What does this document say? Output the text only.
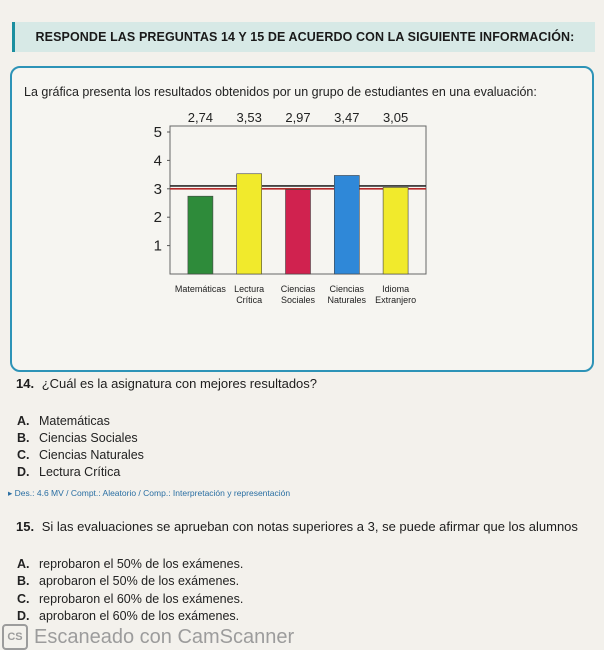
RESPONDE LAS PREGUNTAS 14 Y 15 DE ACUERDO CON LA SIGUIENTE INFORMACIÓN:
La gráfica presenta los resultados obtenidos por un grupo de estudiantes en una evaluación:
1
2
3
4
5
2,74
Matemáticas
3,53
Lectura Crítica
2,97
Ciencias Sociales
3,47
Ciencias Naturales
3,05
Idioma Extranjero
14. ¿Cuál es la asignatura con mejores resultados?
A. Matemáticas
B. Ciencias Sociales
C. Ciencias Naturales
D. Lectura Crítica
▸ Des.: 4.6 MV / Compt.: Aleatorio / Comp.: Interpretación y representación
15. Si las evaluaciones se aprueban con notas superiores a 3, se puede afirmar que los alumnos
A. reprobaron el 50% de los exámenes.
B. aprobaron el 50% de los exámenes.
C. reprobaron el 60% de los exámenes.
D. aprobaron el 60% de los exámenes.
CS Escaneado con CamScanner
